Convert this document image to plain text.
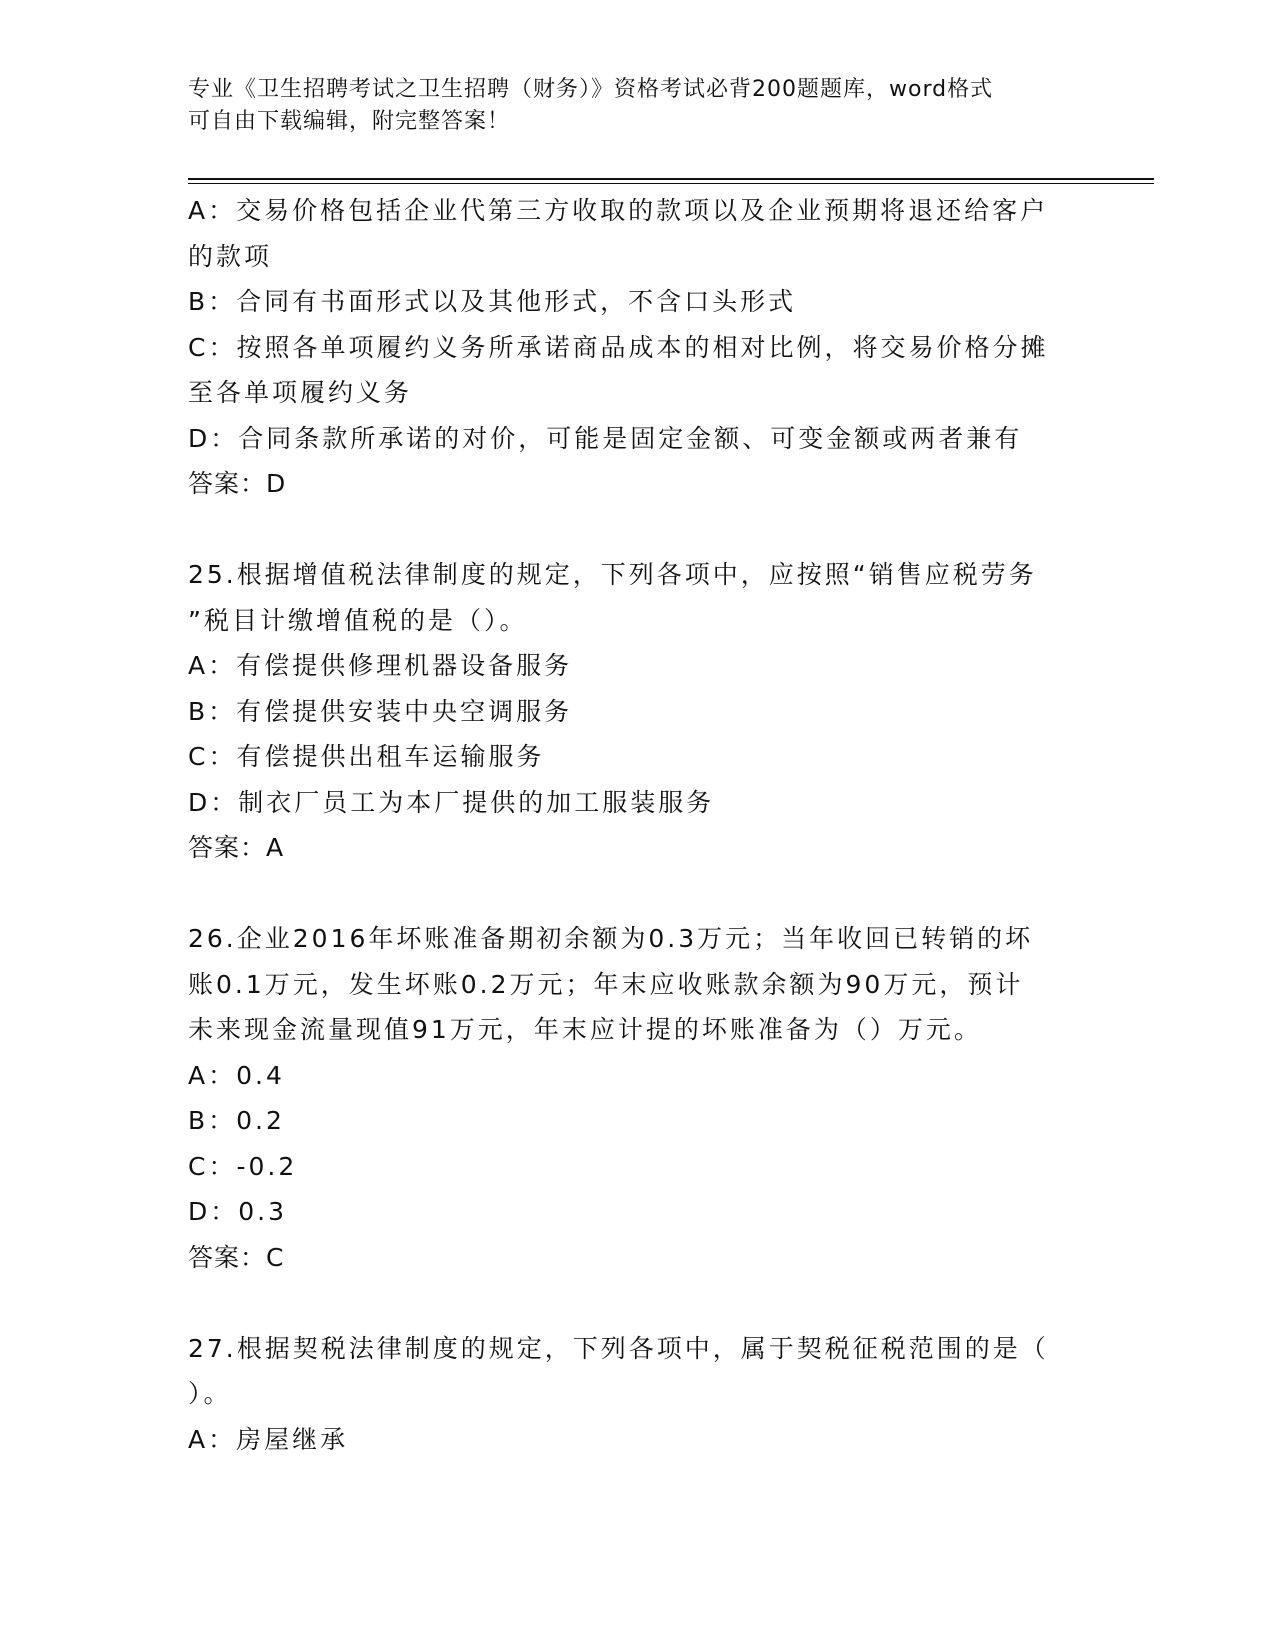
专业《卫生招聘考试之卫生招聘（财务）》资格考试必背200题题库，word格式

可自由下载编辑，附完整答案！

A：交易价格包括企业代第三方收取的款项以及企业预期将退还给客户

的款项

B：合同有书面形式以及其他形式，不含口头形式

C：按照各单项履约义务所承诺商品成本的相对比例，将交易价格分摊

至各单项履约义务

D：合同条款所承诺的对价，可能是固定金额、可变金额或两者兼有

答案：D

25.根据增值税法律制度的规定，下列各项中，应按照“销售应税劳务

”税目计缴增值税的是（）。

A：有偿提供修理机器设备服务

B：有偿提供安装中央空调服务

C：有偿提供出租车运输服务

D：制衣厂员工为本厂提供的加工服装服务

答案：A

26.企业2016年坏账准备期初余额为0.3万元；当年收回已转销的坏

账0.1万元，发生坏账0.2万元；年末应收账款余额为90万元，预计

未来现金流量现值91万元，年末应计提的坏账准备为（）万元。

A：0.4

B：0.2

C：-0.2

D：0.3

答案：C

27.根据契税法律制度的规定，下列各项中，属于契税征税范围的是（

）。

A：房屋继承
